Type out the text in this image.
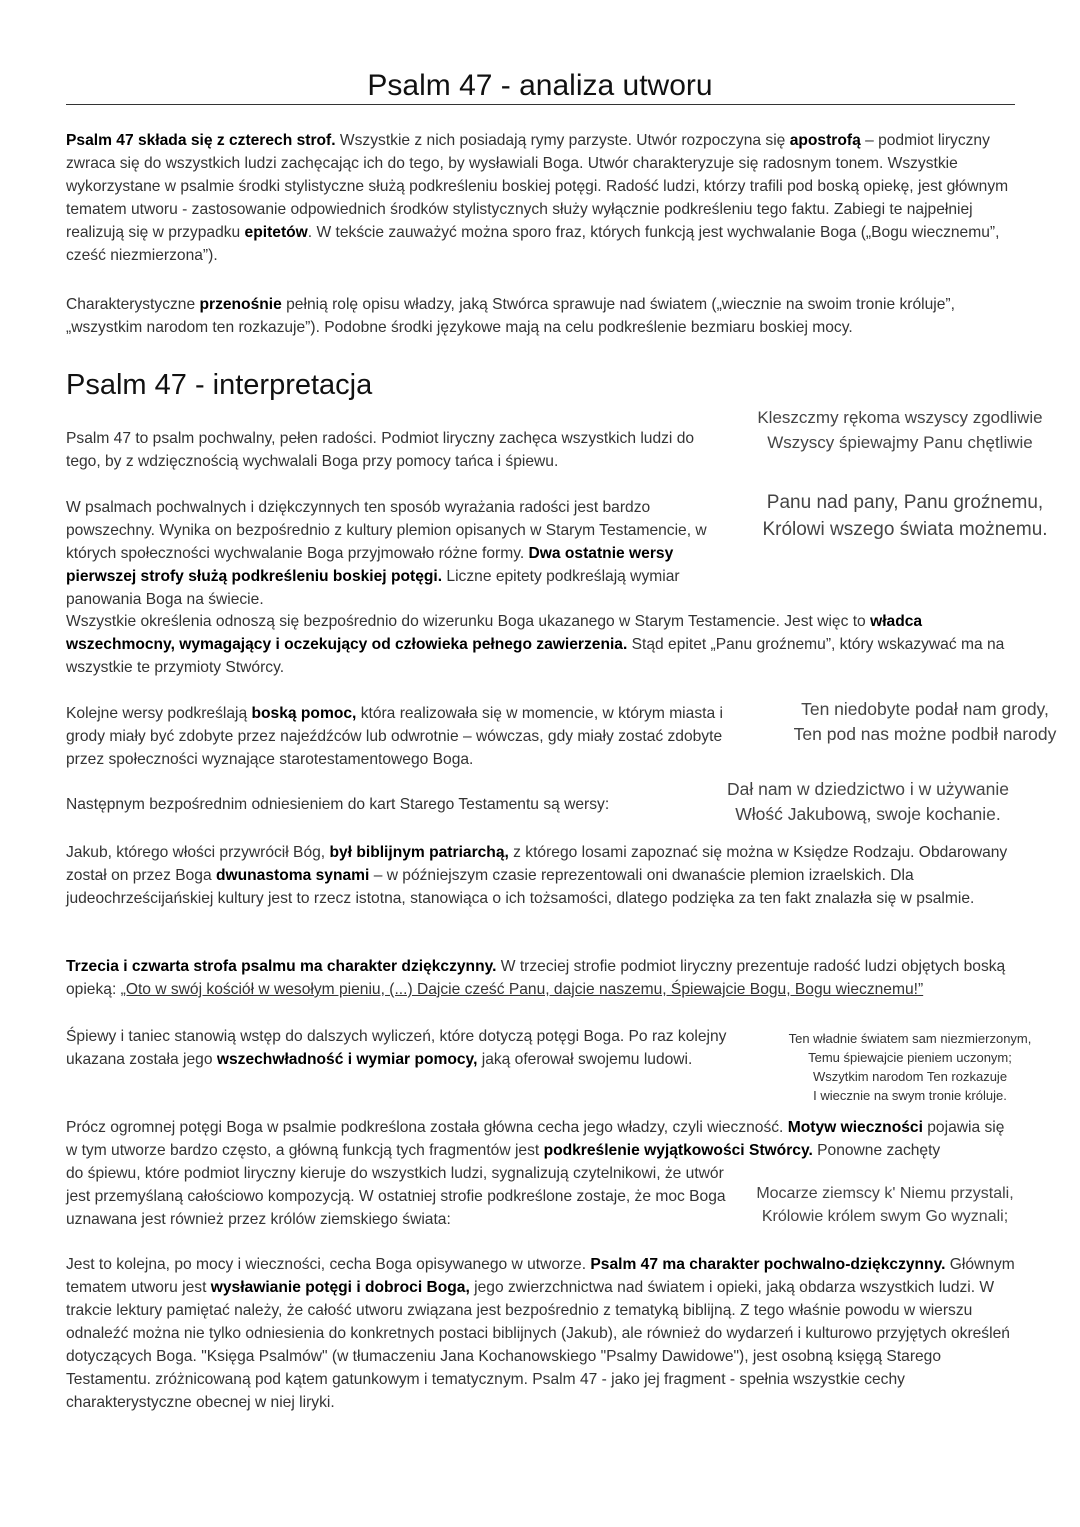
Psalm 47 - analiza utworu

Psalm 47 składa się z czterech strof. Wszystkie z nich posiadają rymy parzyste. Utwór rozpoczyna się apostrofą – podmiot liryczny zwraca się do wszystkich ludzi zachęcając ich do tego, by wysławiali Boga. Utwór charakteryzuje się radosnym tonem. Wszystkie wykorzystane w psalmie środki stylistyczne służą podkreśleniu boskiej potęgi. Radość ludzi, którzy trafili pod boską opiekę, jest głównym tematem utworu - zastosowanie odpowiednich środków stylistycznych służy wyłącznie podkreśleniu tego faktu. Zabiegi te najpełniej realizują się w przypadku epitetów. W tekście zauważyć można sporo fraz, których funkcją jest wychwalanie Boga („Bogu wiecznemu”, cześć niezmierzona”).

Charakterystyczne przenośnie pełnią rolę opisu władzy, jaką Stwórca sprawuje nad światem („wiecznie na swoim tronie króluje”, „wszystkim narodom ten rozkazuje”). Podobne środki językowe mają na celu podkreślenie bezmiaru boskiej mocy.

Psalm 47 - interpretacja

Psalm 47 to psalm pochwalny, pełen radości. Podmiot liryczny zachęca wszystkich ludzi do tego, by z wdzięcznością wychwalali Boga przy pomocy tańca i śpiewu.

Kleszczmy rękoma wszyscy zgodliwie

Wszyscy śpiewajmy Panu chętliwie

W psalmach pochwalnych i dziękczynnych ten sposób wyrażania radości jest bardzo powszechny. Wynika on bezpośrednio z kultury plemion opisanych w Starym Testamencie, w których społeczności wychwalanie Boga przyjmowało różne formy. Dwa ostatnie wersy pierwszej strofy służą podkreśleniu boskiej potęgi. Liczne epitety podkreślają wymiar panowania Boga na świecie.

Panu nad pany, Panu groźnemu,

Królowi wszego świata możnemu.

Wszystkie określenia odnoszą się bezpośrednio do wizerunku Boga ukazanego w Starym Testamencie. Jest więc to władca wszechmocny, wymagający i oczekujący od człowieka pełnego zawierzenia. Stąd epitet „Panu groźnemu”, który wskazywać ma na wszystkie te przymioty Stwórcy.

Kolejne wersy podkreślają boską pomoc, która realizowała się w momencie, w którym miasta i grody miały być zdobyte przez najeźdźców lub odwrotnie – wówczas, gdy miały zostać zdobyte przez społeczności wyznające starotestamentowego Boga.

Ten niedobyte podał nam grody,

Ten pod nas możne podbił narody

Następnym bezpośrednim odniesieniem do kart Starego Testamentu są wersy:

Dał nam w dziedzictwo i w używanie

Włość Jakubową, swoje kochanie.

Jakub, którego włości przywrócił Bóg, był biblijnym patriarchą, z którego losami zapoznać się można w Księdze Rodzaju. Obdarowany został on przez Boga dwunastoma synami – w późniejszym czasie reprezentowali oni dwanaście plemion izraelskich. Dla judeochrześcijańskiej kultury jest to rzecz istotna, stanowiąca o ich tożsamości, dlatego podzięka za ten fakt znalazła się w psalmie.

Trzecia i czwarta strofa psalmu ma charakter dziękczynny. W trzeciej strofie podmiot liryczny prezentuje radość ludzi objętych boską opieką: „Oto w swój kościół w wesołym pieniu, (...) Dajcie cześć Panu, dajcie naszemu, Śpiewajcie Bogu, Bogu wiecznemu!”

Śpiewy i taniec stanowią wstęp do dalszych wyliczeń, które dotyczą potęgi Boga. Po raz kolejny ukazana została jego wszechwładność i wymiar pomocy, jaką oferował swojemu ludowi.

Ten władnie światem sam niezmierzonym,

Temu śpiewajcie pieniem uczonym;

Wszytkim narodom Ten rozkazuje

I wiecznie na swym tronie króluje.

Prócz ogromnej potęgi Boga w psalmie podkreślona została główna cecha jego władzy, czyli wieczność. Motyw wieczności pojawia się w tym utworze bardzo często, a główną funkcją tych fragmentów jest podkreślenie wyjątkowości Stwórcy. Ponowne zachęty

do śpiewu, które podmiot liryczny kieruje do wszystkich ludzi, sygnalizują czytelnikowi, że utwór jest przemyślaną całościowo kompozycją. W ostatniej strofie podkreślone zostaje, że moc Boga uznawana jest również przez królów ziemskiego świata:

Mocarze ziemscy k' Niemu przystali,

Królowie królem swym Go wyznali;

Jest to kolejna, po mocy i wieczności, cecha Boga opisywanego w utworze. Psalm 47 ma charakter pochwalno-dziękczynny. Głównym tematem utworu jest wysławianie potęgi i dobroci Boga, jego zwierzchnictwa nad światem i opieki, jaką obdarza wszystkich ludzi. W trakcie lektury pamiętać należy, że całość utworu związana jest bezpośrednio z tematyką biblijną. Z tego właśnie powodu w wierszu odnaleźć można nie tylko odniesienia do konkretnych postaci biblijnych (Jakub), ale również do wydarzeń i kulturowo przyjętych określeń dotyczących Boga. "Księga Psalmów" (w tłumaczeniu Jana Kochanowskiego "Psalmy Dawidowe"), jest osobną księgą Starego Testamentu. zróżnicowaną pod kątem gatunkowym i tematycznym. Psalm 47 - jako jej fragment - spełnia wszystkie cechy charakterystyczne obecnej w niej liryki.
